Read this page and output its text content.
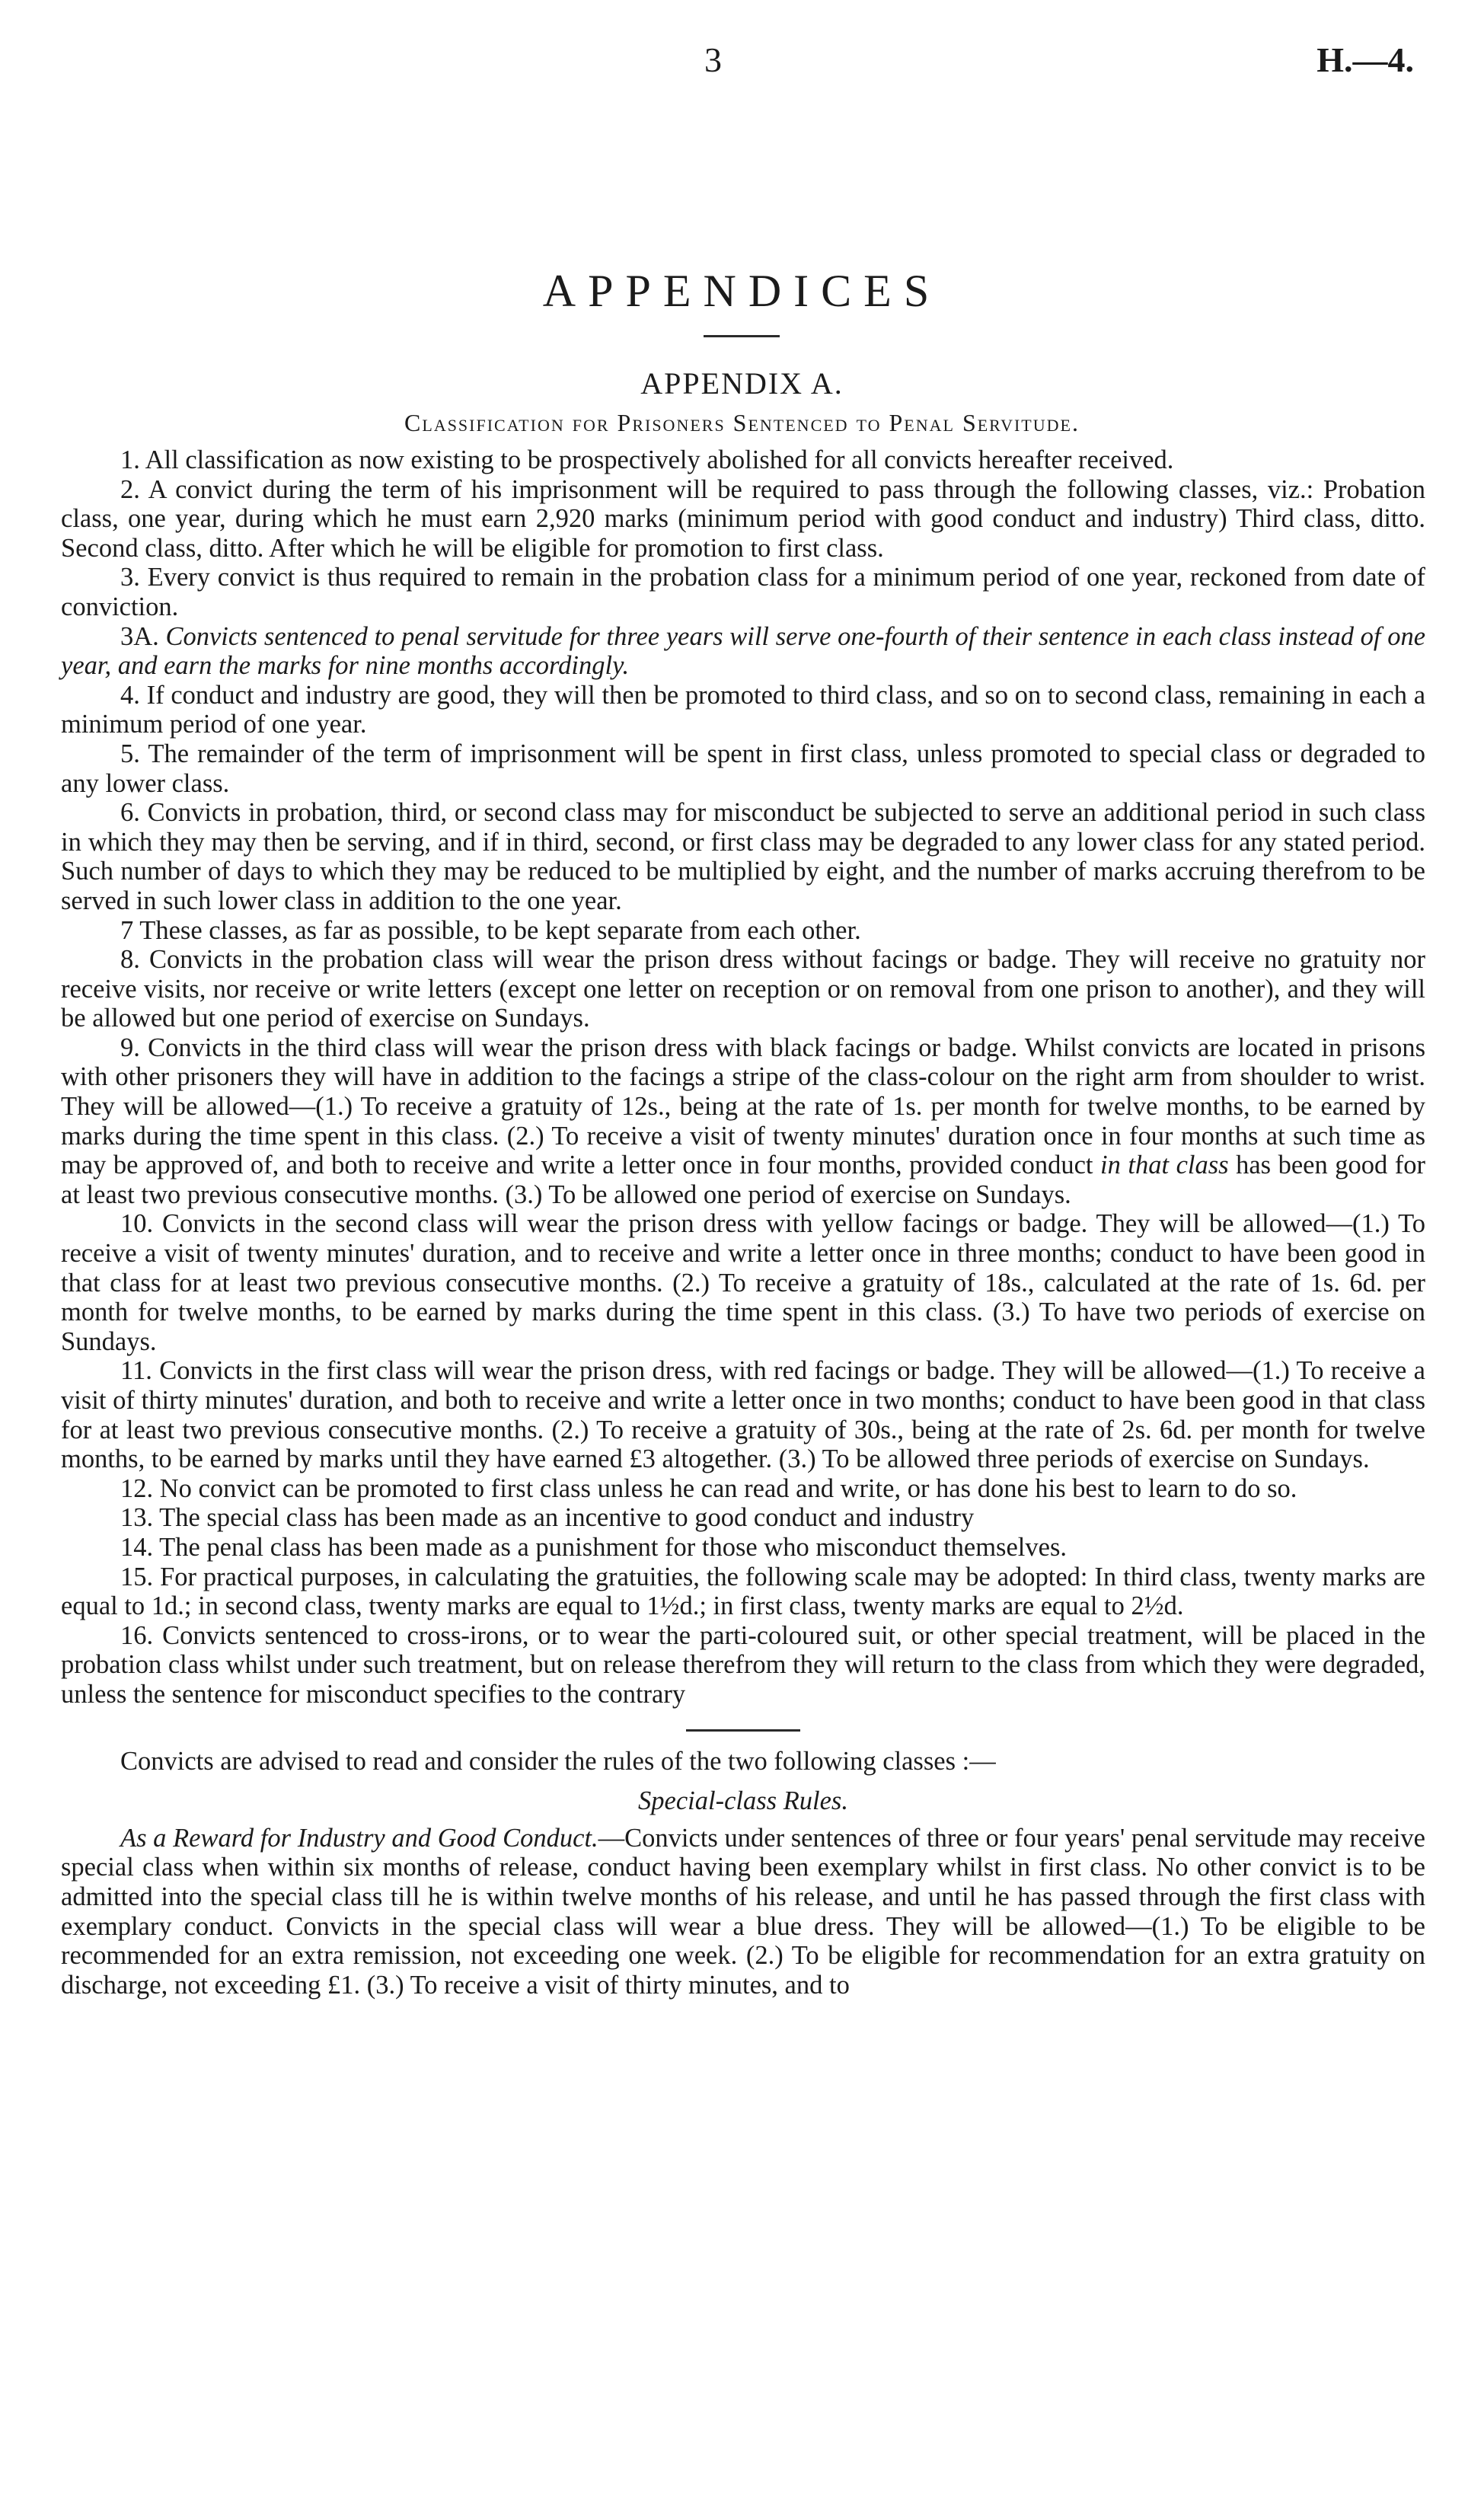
3	H.—4.
APPENDICES
APPENDIX A.
Classification for Prisoners Sentenced to Penal Servitude.

1. All classification as now existing to be prospectively abolished for all convicts hereafter received.

2. A convict during the term of his imprisonment will be required to pass through the following classes, viz.: Probation class, one year, during which he must earn 2,920 marks (minimum period with good conduct and industry) Third class, ditto. Second class, ditto. After which he will be eligible for promotion to first class.

3. Every convict is thus required to remain in the probation class for a minimum period of one year, reckoned from date of conviction.

3A. Convicts sentenced to penal servitude for three years will serve one-fourth of their sentence in each class instead of one year, and earn the marks for nine months accordingly.

4. If conduct and industry are good, they will then be promoted to third class, and so on to second class, remaining in each a minimum period of one year.

5. The remainder of the term of imprisonment will be spent in first class, unless promoted to special class or degraded to any lower class.

6. Convicts in probation, third, or second class may for misconduct be subjected to serve an additional period in such class in which they may then be serving, and if in third, second, or first class may be degraded to any lower class for any stated period. Such number of days to which they may be reduced to be multiplied by eight, and the number of marks accruing therefrom to be served in such lower class in addition to the one year.

7 These classes, as far as possible, to be kept separate from each other.

8. Convicts in the probation class will wear the prison dress without facings or badge. They will receive no gratuity nor receive visits, nor receive or write letters (except one letter on reception or on removal from one prison to another), and they will be allowed but one period of exercise on Sundays.

9. Convicts in the third class will wear the prison dress with black facings or badge. Whilst convicts are located in prisons with other prisoners they will have in addition to the facings a stripe of the class-colour on the right arm from shoulder to wrist. They will be allowed—(1.) To receive a gratuity of 12s., being at the rate of 1s. per month for twelve months, to be earned by marks during the time spent in this class. (2.) To receive a visit of twenty minutes' duration once in four months at such time as may be approved of, and both to receive and write a letter once in four months, provided conduct in that class has been good for at least two previous consecutive months. (3.) To be allowed one period of exercise on Sundays.

10. Convicts in the second class will wear the prison dress with yellow facings or badge. They will be allowed—(1.) To receive a visit of twenty minutes' duration, and to receive and write a letter once in three months; conduct to have been good in that class for at least two previous consecutive months. (2.) To receive a gratuity of 18s., calculated at the rate of 1s. 6d. per month for twelve months, to be earned by marks during the time spent in this class. (3.) To have two periods of exercise on Sundays.

11. Convicts in the first class will wear the prison dress, with red facings or badge. They will be allowed—(1.) To receive a visit of thirty minutes' duration, and both to receive and write a letter once in two months; conduct to have been good in that class for at least two previous consecutive months. (2.) To receive a gratuity of 30s., being at the rate of 2s. 6d. per month for twelve months, to be earned by marks until they have earned £3 altogether. (3.) To be allowed three periods of exercise on Sundays.

12. No convict can be promoted to first class unless he can read and write, or has done his best to learn to do so.

13. The special class has been made as an incentive to good conduct and industry

14. The penal class has been made as a punishment for those who misconduct themselves.

15. For practical purposes, in calculating the gratuities, the following scale may be adopted: In third class, twenty marks are equal to 1d.; in second class, twenty marks are equal to 1½d.; in first class, twenty marks are equal to 2½d.

16. Convicts sentenced to cross-irons, or to wear the parti-coloured suit, or other special treatment, will be placed in the probation class whilst under such treatment, but on release therefrom they will return to the class from which they were degraded, unless the sentence for misconduct specifies to the contrary

Convicts are advised to read and consider the rules of the two following classes :—

Special-class Rules.

As a Reward for Industry and Good Conduct.—Convicts under sentences of three or four years' penal servitude may receive special class when within six months of release, conduct having been exemplary whilst in first class. No other convict is to be admitted into the special class till he is within twelve months of his release, and until he has passed through the first class with exemplary conduct. Convicts in the special class will wear a blue dress. They will be allowed—(1.) To be eligible to be recommended for an extra remission, not exceeding one week. (2.) To be eligible for recommendation for an extra gratuity on discharge, not exceeding £1. (3.) To receive a visit of thirty minutes, and to
